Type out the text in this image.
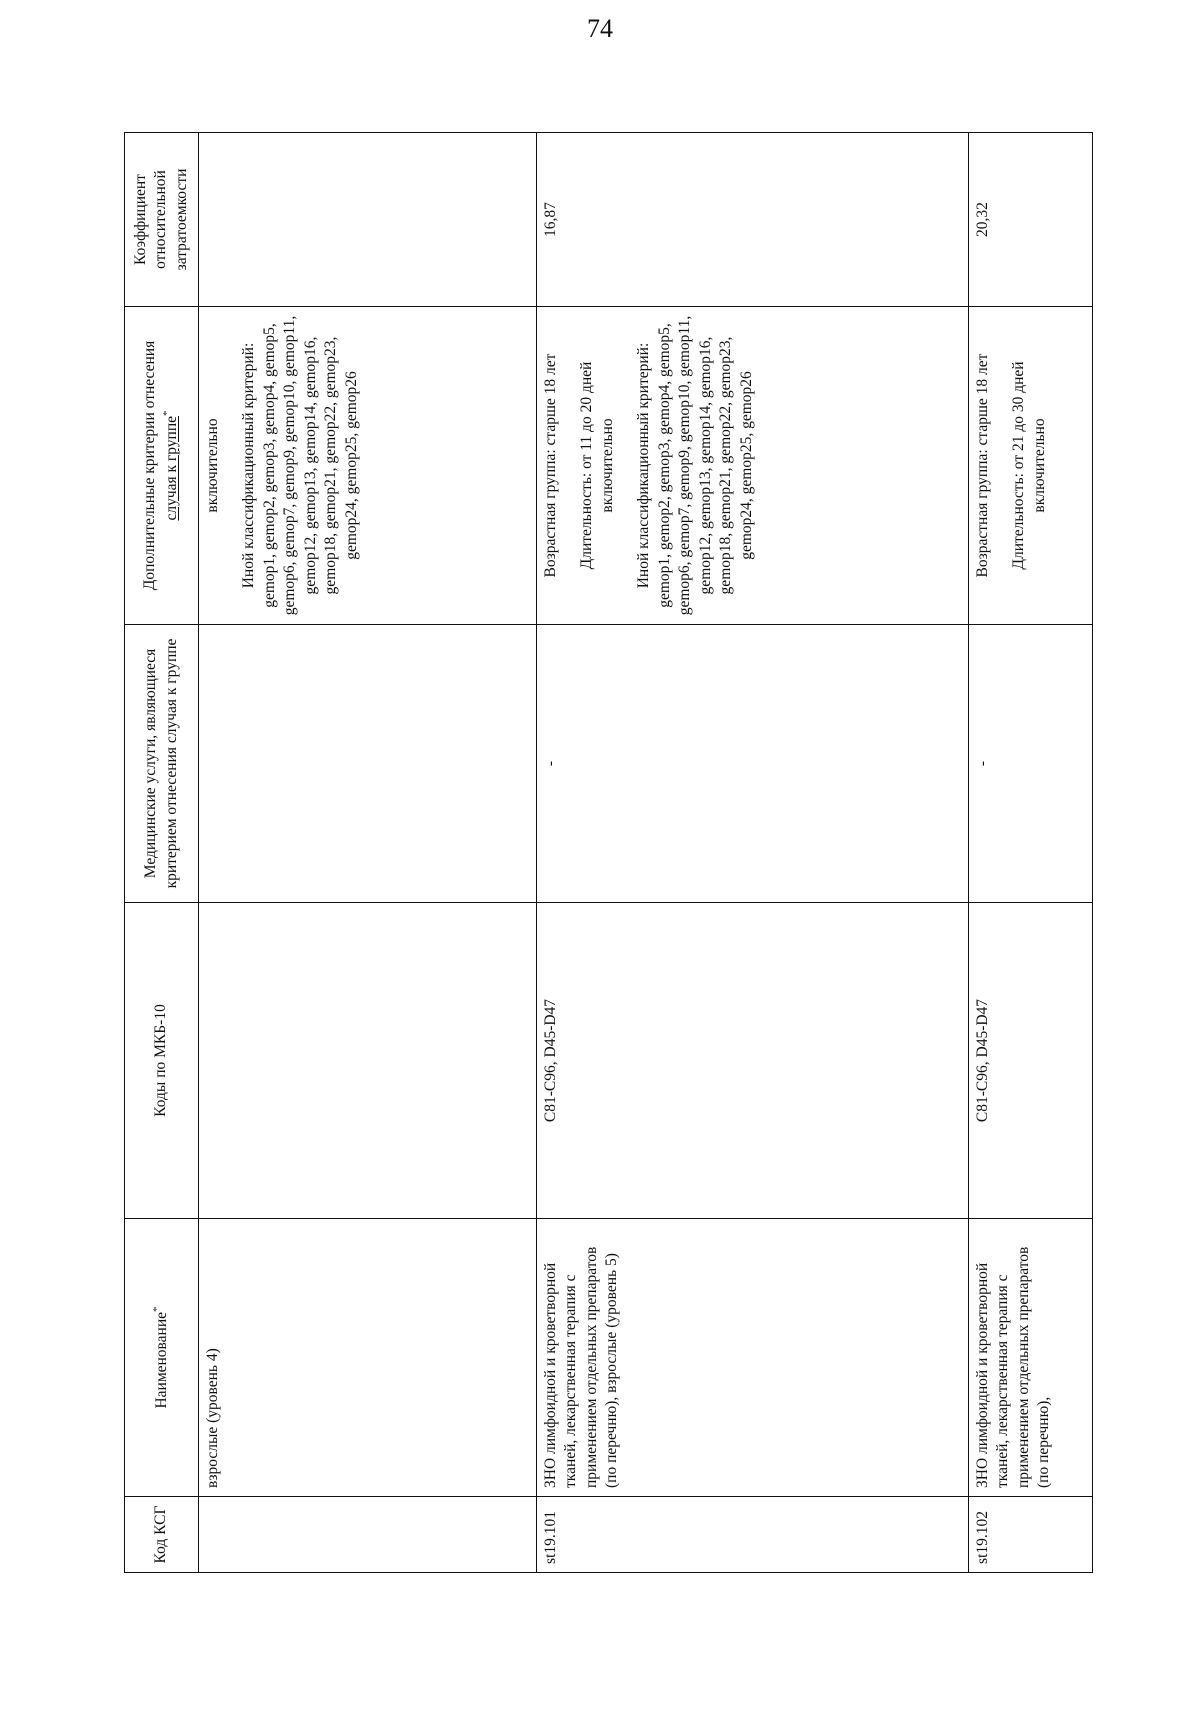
74
Код КСГ	Наименование*	Коды по МКБ-10	Медицинские услуги, являющиеся критерием отнесения случая к группе	Дополнительные критерии отнесения случая к группе*	Коэффициент относительной затратоемкости
	взрослые (уровень 4)			включительно Иной классификационный критерий: gemop1, gemop2, gemop3, gemop4, gemop5, gemop6, gemop7, gemop9, gemop10, gemop11, gemop12, gemop13, gemop14, gemop16, gemop18, gemop21, gemop22, gemop23, gemop24, gemop25, gemop26	

st19.101	ЗНО лимфоидной и кроветворной тканей, лекарственная терапия с применением отдельных препаратов (по перечню), взрослые (уровень 5)	C81-C96, D45-D47	-	Возрастная группа: старше 18 лет Длительность: от 11 до 20 дней включительно Иной классификационный критерий: gemop1, gemop2, gemop3, gemop4, gemop5, gemop6, gemop7, gemop9, gemop10, gemop11, gemop12, gemop13, gemop14, gemop16, gemop18, gemop21, gemop22, gemop23, gemop24, gemop25, gemop26	16,87
st19.102	ЗНО лимфоидной и кроветворной тканей, лекарственная терапия с применением отдельных препаратов (по перечню),	C81-C96, D45-D47	-	Возрастная группа: старше 18 лет Длительность: от 21 до 30 дней включительно	20,32
